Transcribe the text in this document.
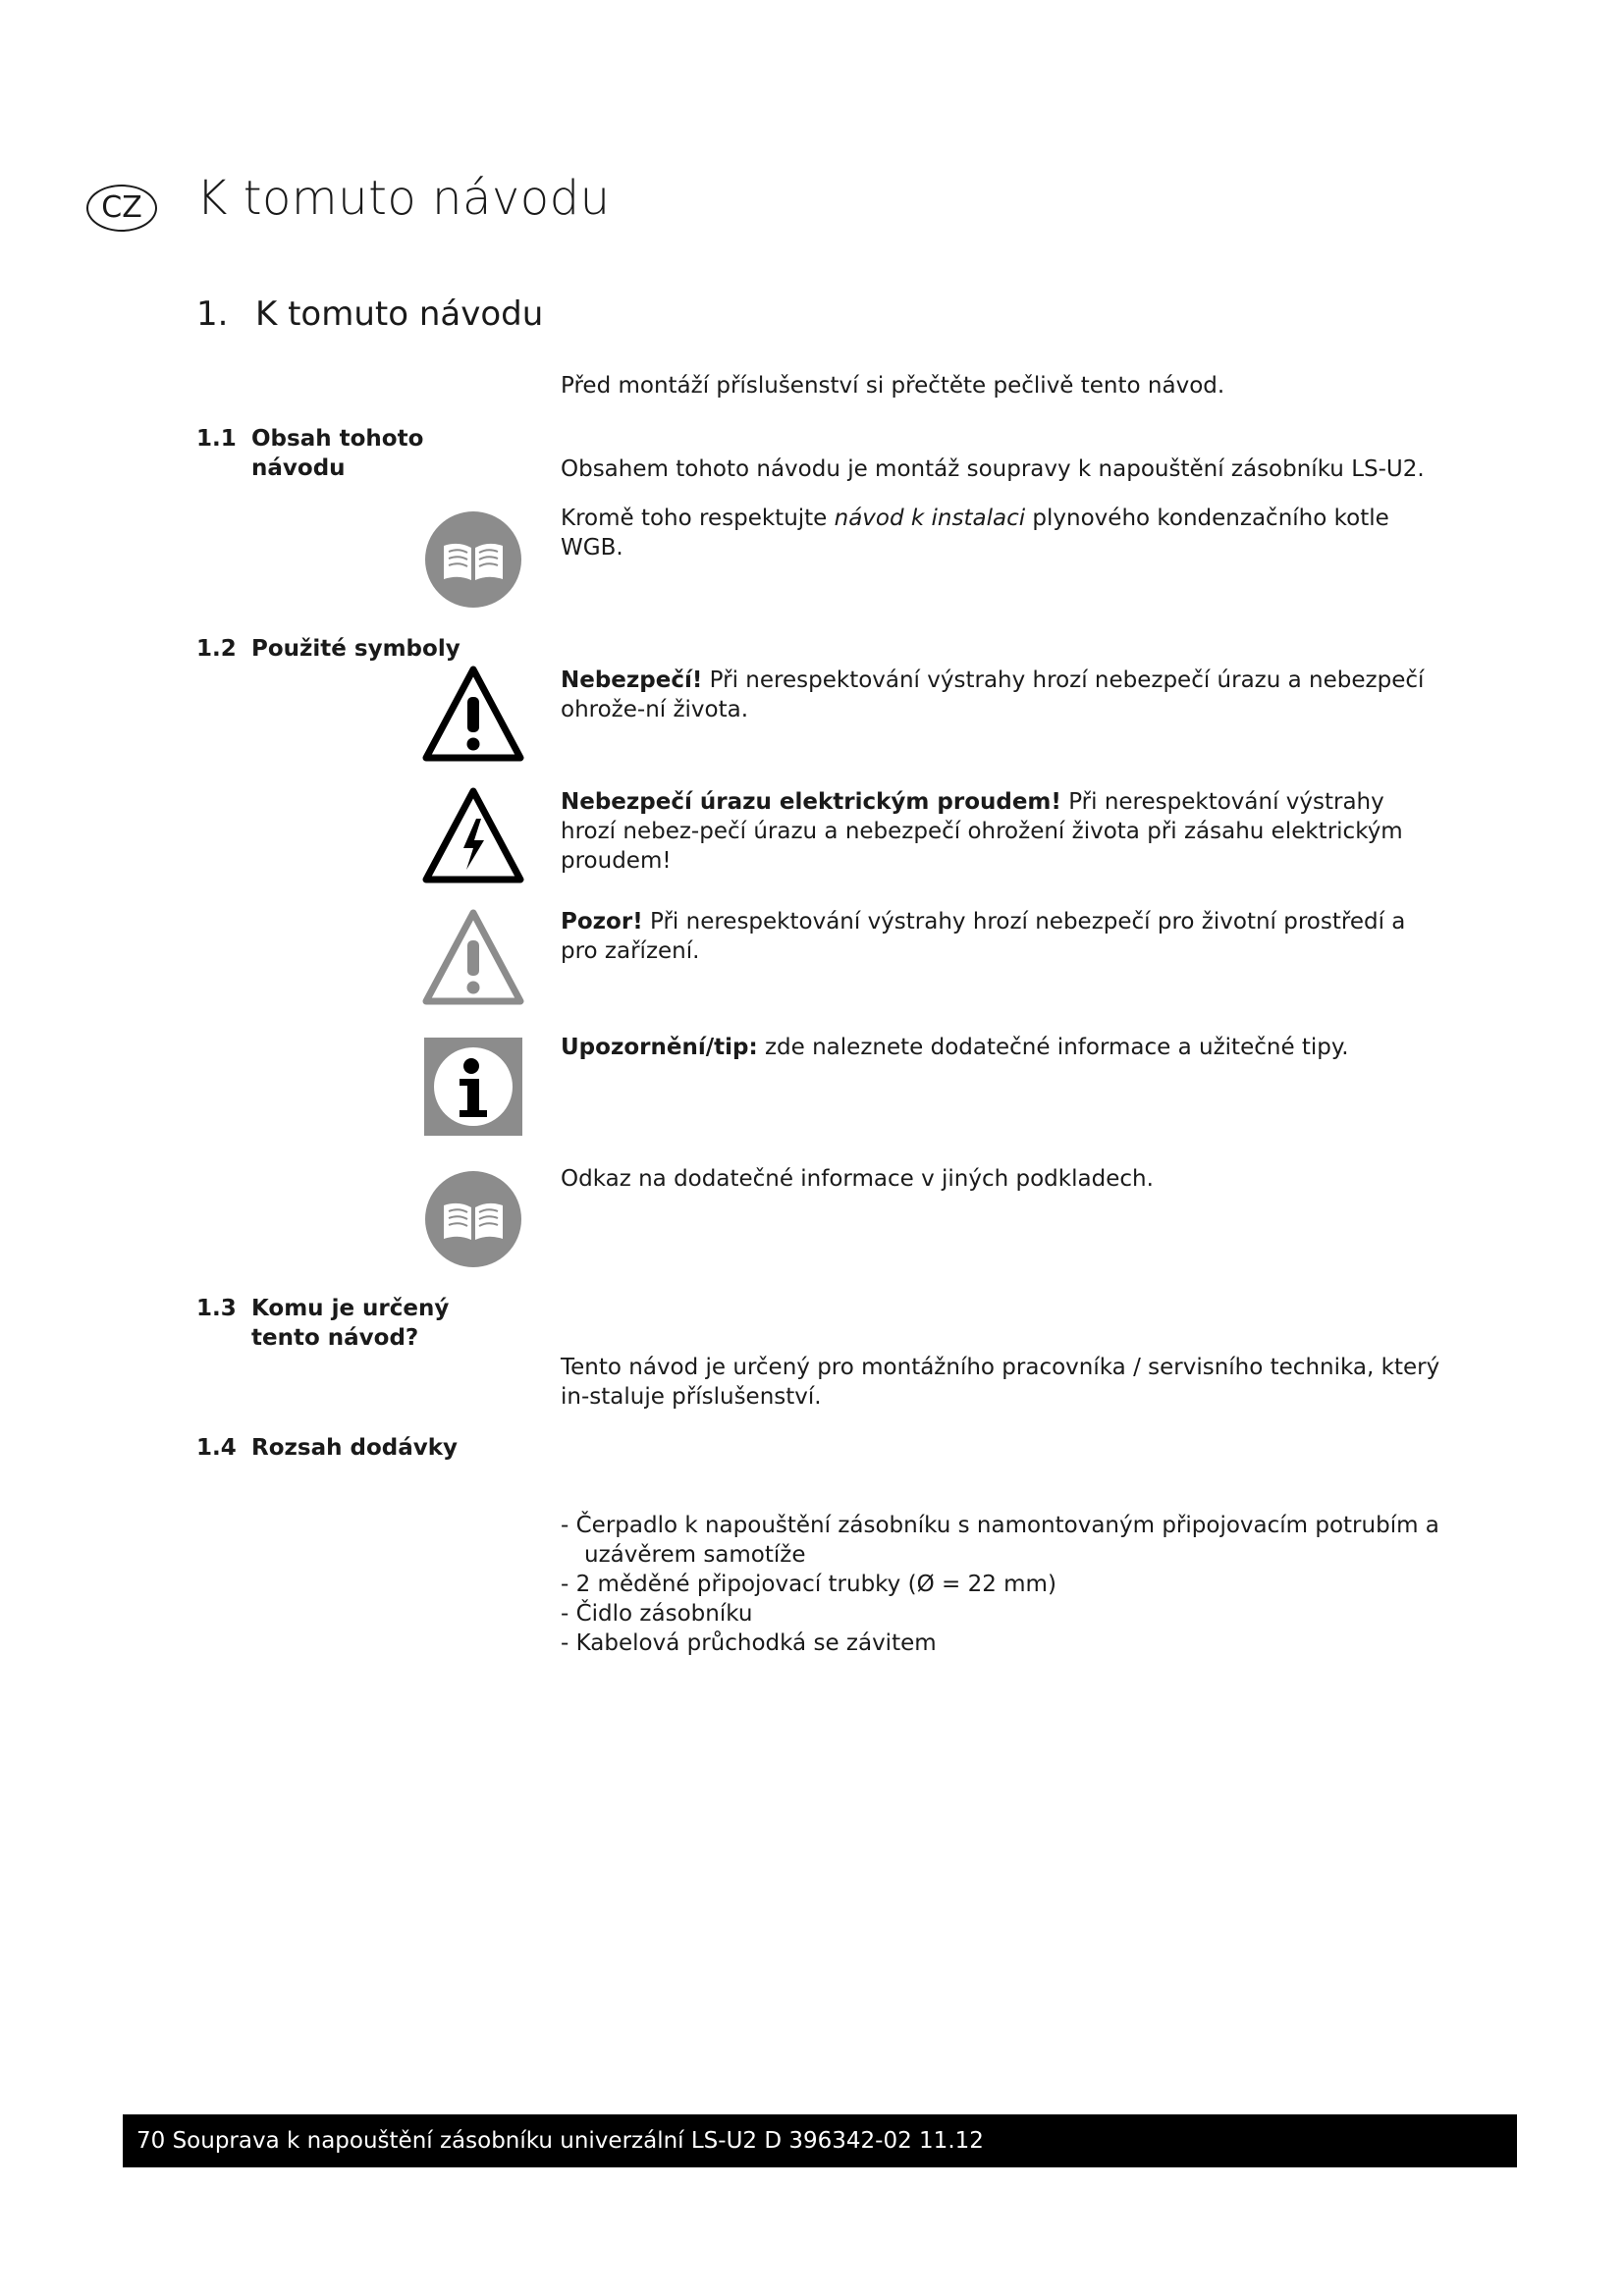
CZ	K tomuto návodu
1. K tomuto návodu
Před montáží příslušenství si přečtěte pečlivě tento návod.
1.1 Obsah tohoto návodu	Obsahem tohoto návodu je montáž soupravy k napouštění zásobníku LS-U2.
Kromě toho respektujte návod k instalaci plynového kondenzačního kotle WGB.
1.2 Použité symboly
Nebezpečí! Při nerespektování výstrahy hrozí nebezpečí úrazu a nebezpečí ohrože-ní života.
Nebezpečí úrazu elektrickým proudem! Při nerespektování výstrahy hrozí nebez-pečí úrazu a nebezpečí ohrožení života při zásahu elektrickým proudem!
Pozor! Při nerespektování výstrahy hrozí nebezpečí pro životní prostředí a pro zařízení.
Upozornění/tip: zde naleznete dodatečné informace a užitečné tipy.
Odkaz na dodatečné informace v jiných podkladech.
1.3 Komu je určený tento návod?
Tento návod je určený pro montážního pracovníka / servisního technika, který in-staluje příslušenství.
1.4 Rozsah dodávky
- Čerpadlo k napouštění zásobníku s namontovaným připojovacím potrubím a uzávěrem samotíže
- 2 měděné připojovací trubky (Ø = 22 mm)
- Čidlo zásobníku
- Kabelová průchodká se závitem
70 Souprava k napouštění zásobníku univerzální LS-U2 D 396342-02 11.12
